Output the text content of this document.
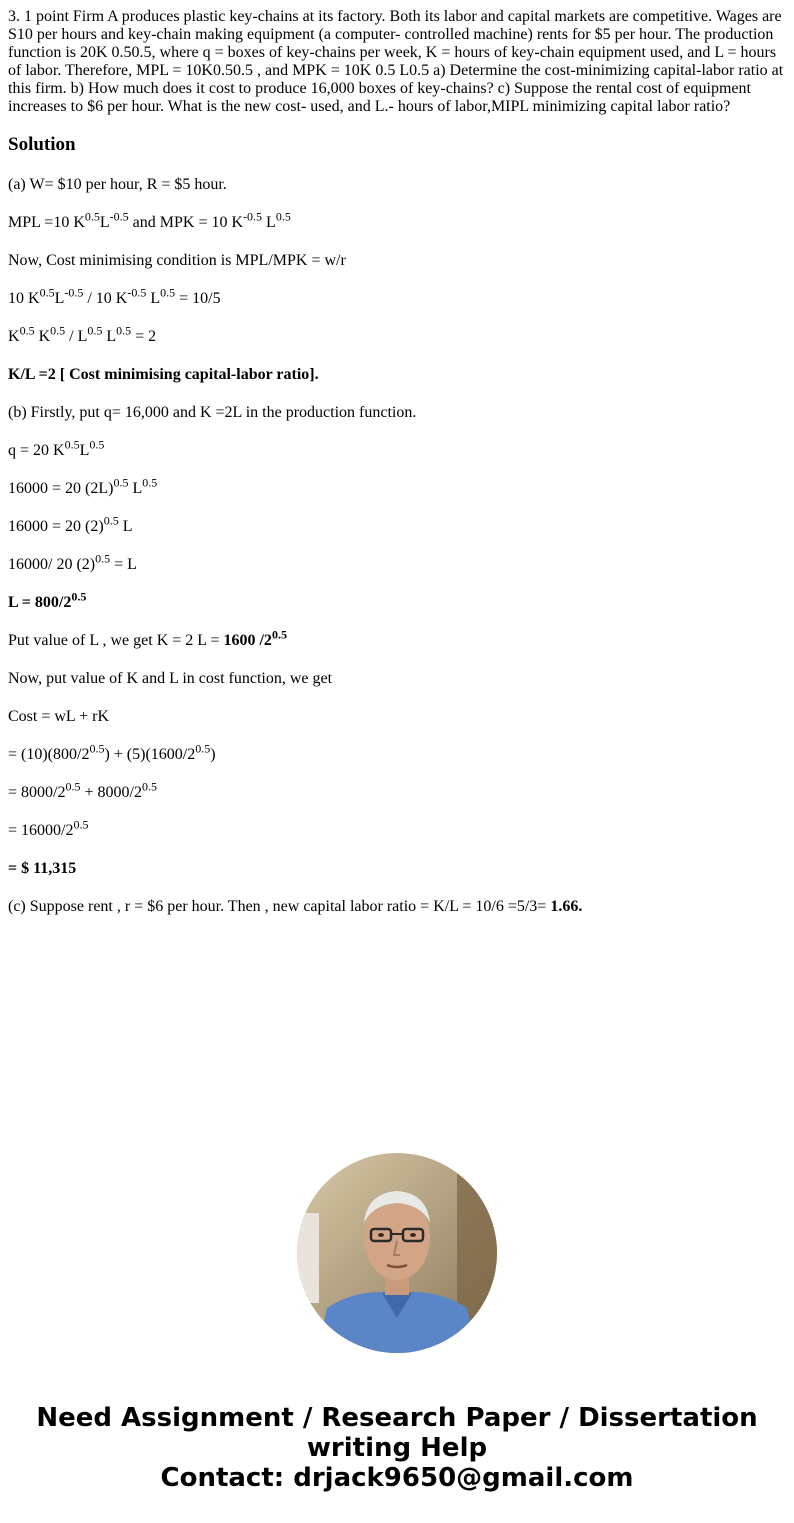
3. 1 point Firm A produces plastic key-chains at its factory. Both its labor and capital markets are competitive. Wages are S10 per hours and key-chain making equipment (a computer- controlled machine) rents for $5 per hour. The production function is 20K 0.50.5, where q = boxes of key-chains per week, K = hours of key-chain equipment used, and L = hours of labor. Therefore, MPL = 10K0.50.5 , and MPK = 10K 0.5 L0.5 a) Determine the cost-minimizing capital-labor ratio at this firm. b) How much does it cost to produce 16,000 boxes of key-chains? c) Suppose the rental cost of equipment increases to $6 per hour. What is the new cost- used, and L.- hours of labor,MIPL minimizing capital labor ratio?

Solution

(a) W= $10 per hour, R = $5 hour.

MPL =10 $K^{0.5}L^{-0.5}$ and MPK = 10 $K^{-0.5}$ $L^{0.5}$

Now, Cost minimising condition is MPL/MPK = w/r

10 $K^{0.5}L^{-0.5} / 10$ $K^{-0.5}$ $L^{0.5} = 10/5$

$K^{0.5}$ $K^{0.5} / L^{0.5}$ $L^{0.5} = 2$

K/L =2 [ Cost minimising capital-labor ratio].

(b) Firstly, put q= 16,000 and K =2L in the production function.

q = 20 $K^{0.5}L^{0.5}$

16000 = 20 $(2L)^{0.5}$ $L^{0.5}$

16000 = 20 $(2)^{0.5}$ L

16000/ 20 $(2)^{0.5} = L$

$L = 800/2^{0.5}$

Put value of L , we get K = 2 L = 1600 $/2^{0.5}$

Now, put value of K and L in cost function, we get

Cost = wL + rK

= $(10)(800/2^{0.5}) + (5)(1600/2^{0.5})$

= $8000/2^{0.5} + 8000/2^{0.5}$

= $16000/2^{0.5}$

= $ 11,315

(c) Suppose rent , r = $6 per hour. Then , new capital labor ratio = K/L = 10/6 =5/3= 1.66.

Need Assignment / Research Paper / Dissertation
writing Help
Contact: drjack9650@gmail.com
